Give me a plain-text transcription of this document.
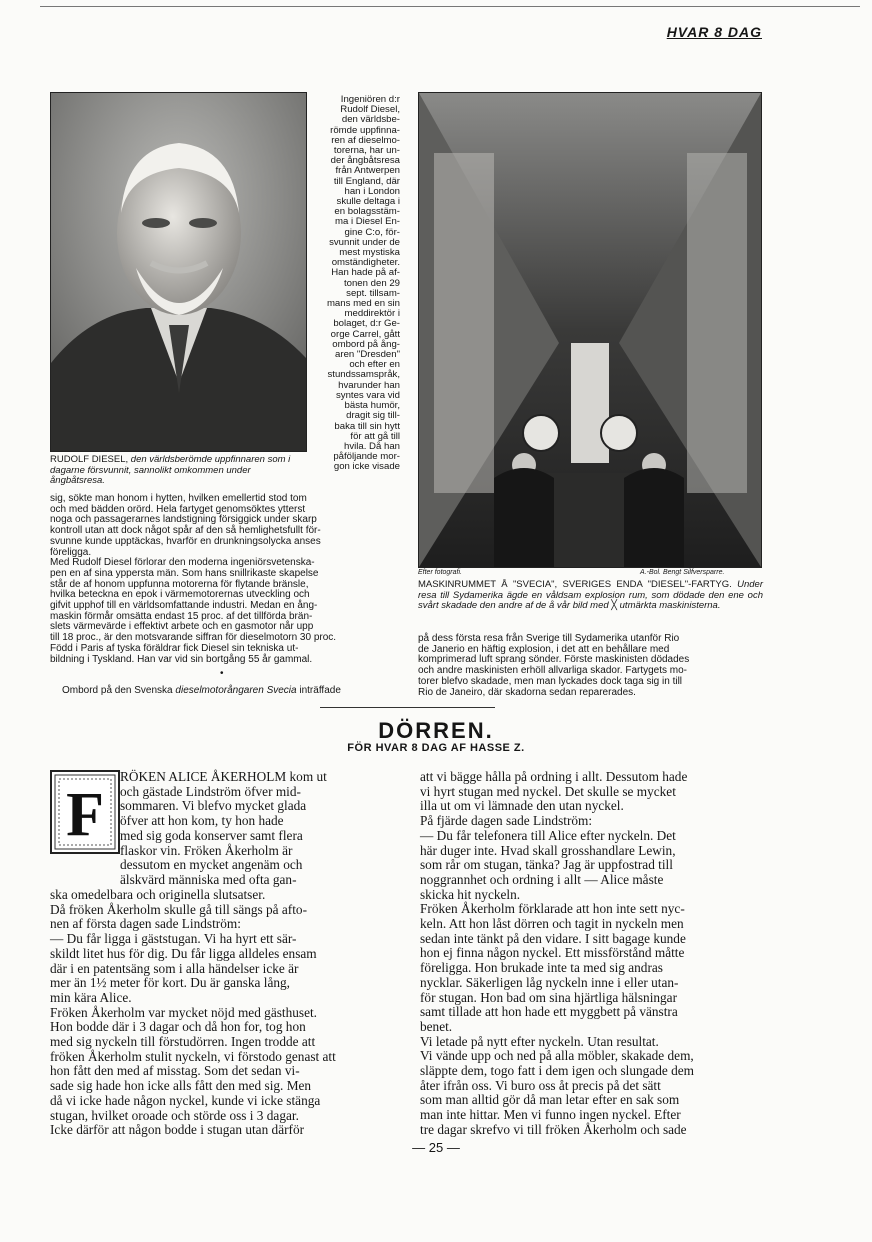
HVAR 8 DAG
RUDOLF DIESEL, den världsberömde uppfinnaren som i dagarne försvunnit, sannolikt omkommen under ångbåtsresa.
Ingeniören d:r
Rudolf Diesel,
den världsbe-
römde uppfinna-
ren af dieselmo-
torerna, har un-
der ångbåtsresa
från Antwerpen
till England, där
han i London
skulle deltaga i
en bolagsstäm-
ma i Diesel En-
gine C:o, för-
svunnit under de
mest mystiska
omständigheter.
Han hade på af-
tonen den 29
sept. tillsam-
mans med en sin
meddirektör i
bolaget, d:r Ge-
orge Carrel, gått
ombord på ång-
aren "Dresden"
och efter en
stundssamspråk,
hvarunder han
syntes vara vid
bästa humör,
dragit sig till-
baka till sin hytt
för att gå till
hvila. Då han
påföljande mor-
gon icke visade
sig, sökte man honom i hytten, hvilken emellertid stod tom
och med bädden orörd. Hela fartyget genomsöktes ytterst
noga och passagerarnes landstigning försiggick under skarp
kontroll utan att dock något spår af den så hemlighetsfullt för-
svunne kunde upptäckas, hvarför en drunkningsolycka anses
föreligga.
Med Rudolf Diesel förlorar den moderna ingeniörsvetenska-
pen en af sina yppersta män. Som hans snillrikaste skapelse
står de af honom uppfunna motorerna för flytande bränsle,
hvilka beteckna en epok i värmemotorernas utveckling och
gifvit upphof till en världsomfattande industri. Medan en ång-
maskin förmår omsätta endast 15 proc. af det tillförda brän-
slets värmevärde i effektivt arbete och en gasmotor når upp
till 18 proc., är den motsvarande siffran för dieselmotorn 30 proc.
Född i Paris af tyska föräldrar fick Diesel sin tekniska ut-
bildning i Tyskland. Han var vid sin bortgång 55 år gammal.
•
Ombord på den Svenska dieselmotorångaren Svecia inträffade
Efter fotografi.	A.-Bol. Bengt Silfversparre.
MASKINRUMMET Å "SVECIA", SVERIGES ENDA "DIESEL"-FARTYG. Under resa till Sydamerika ägde en våldsam explosion rum, som dödade den ene och svårt skadade den andre af de å vår bild med ╳ utmärkta maskinisterna.
på dess första resa från Sverige till Sydamerika utanför Rio
de Janerio en häftig explosion, i det att en behållare med
komprimerad luft sprang sönder. Förste maskinisten dödades
och andre maskinisten erhöll allvarliga skador. Fartygets mo-
torer blefvo skadade, men man lyckades dock taga sig in till
Rio de Janeiro, där skadorna sedan reparerades.
DÖRREN.
FÖR HVAR 8 DAG AF HASSE Z.
F
RÖKEN ALICE ÅKERHOLM kom ut
och gästade Lindström öfver mid-
sommaren. Vi blefvo mycket glada
öfver att hon kom, ty hon hade
med sig goda konserver samt flera
flaskor vin. Fröken Åkerholm är
dessutom en mycket angenäm och
älskvärd människa med ofta gan-
ska omedelbara och originella slutsatser.
Då fröken Åkerholm skulle gå till sängs på afto-
nen af första dagen sade Lindström:
— Du får ligga i gäststugan. Vi ha hyrt ett sär-
skildt litet hus för dig. Du får ligga alldeles ensam
där i en patentsäng som i alla händelser icke är
mer än 1½ meter för kort. Du är ganska lång,
min kära Alice.
Fröken Åkerholm var mycket nöjd med gästhuset.
Hon bodde där i 3 dagar och då hon for, tog hon
med sig nyckeln till förstudörren. Ingen trodde att
fröken Åkerholm stulit nyckeln, vi förstodo genast att
hon fått den med af misstag. Som det sedan vi-
sade sig hade hon icke alls fått den med sig. Men
då vi icke hade någon nyckel, kunde vi icke stänga
stugan, hvilket oroade och störde oss i 3 dagar.
Icke därför att någon bodde i stugan utan därför
att vi bägge hålla på ordning i allt. Dessutom hade
vi hyrt stugan med nyckel. Det skulle se mycket
illa ut om vi lämnade den utan nyckel.
På fjärde dagen sade Lindström:
— Du får telefonera till Alice efter nyckeln. Det
här duger inte. Hvad skall grosshandlare Lewin,
som rår om stugan, tänka? Jag är uppfostrad till
noggrannhet och ordning i allt — Alice måste
skicka hit nyckeln.
Fröken Åkerholm förklarade att hon inte sett nyc-
keln. Att hon låst dörren och tagit in nyckeln men
sedan inte tänkt på den vidare. I sitt bagage kunde
hon ej finna någon nyckel. Ett missförstånd måtte
föreligga. Hon brukade inte ta med sig andras
nycklar. Säkerligen låg nyckeln inne i eller utan-
för stugan. Hon bad om sina hjärtliga hälsningar
samt tillade att hon hade ett myggbett på vänstra
benet.
Vi letade på nytt efter nyckeln. Utan resultat.
Vi vände upp och ned på alla möbler, skakade dem,
släppte dem, togo fatt i dem igen och slungade dem
åter ifrån oss. Vi buro oss åt precis på det sätt
som man alltid gör då man letar efter en sak som
man inte hittar. Men vi funno ingen nyckel. Efter
tre dagar skrefvo vi till fröken Åkerholm och sade
— 25 —
